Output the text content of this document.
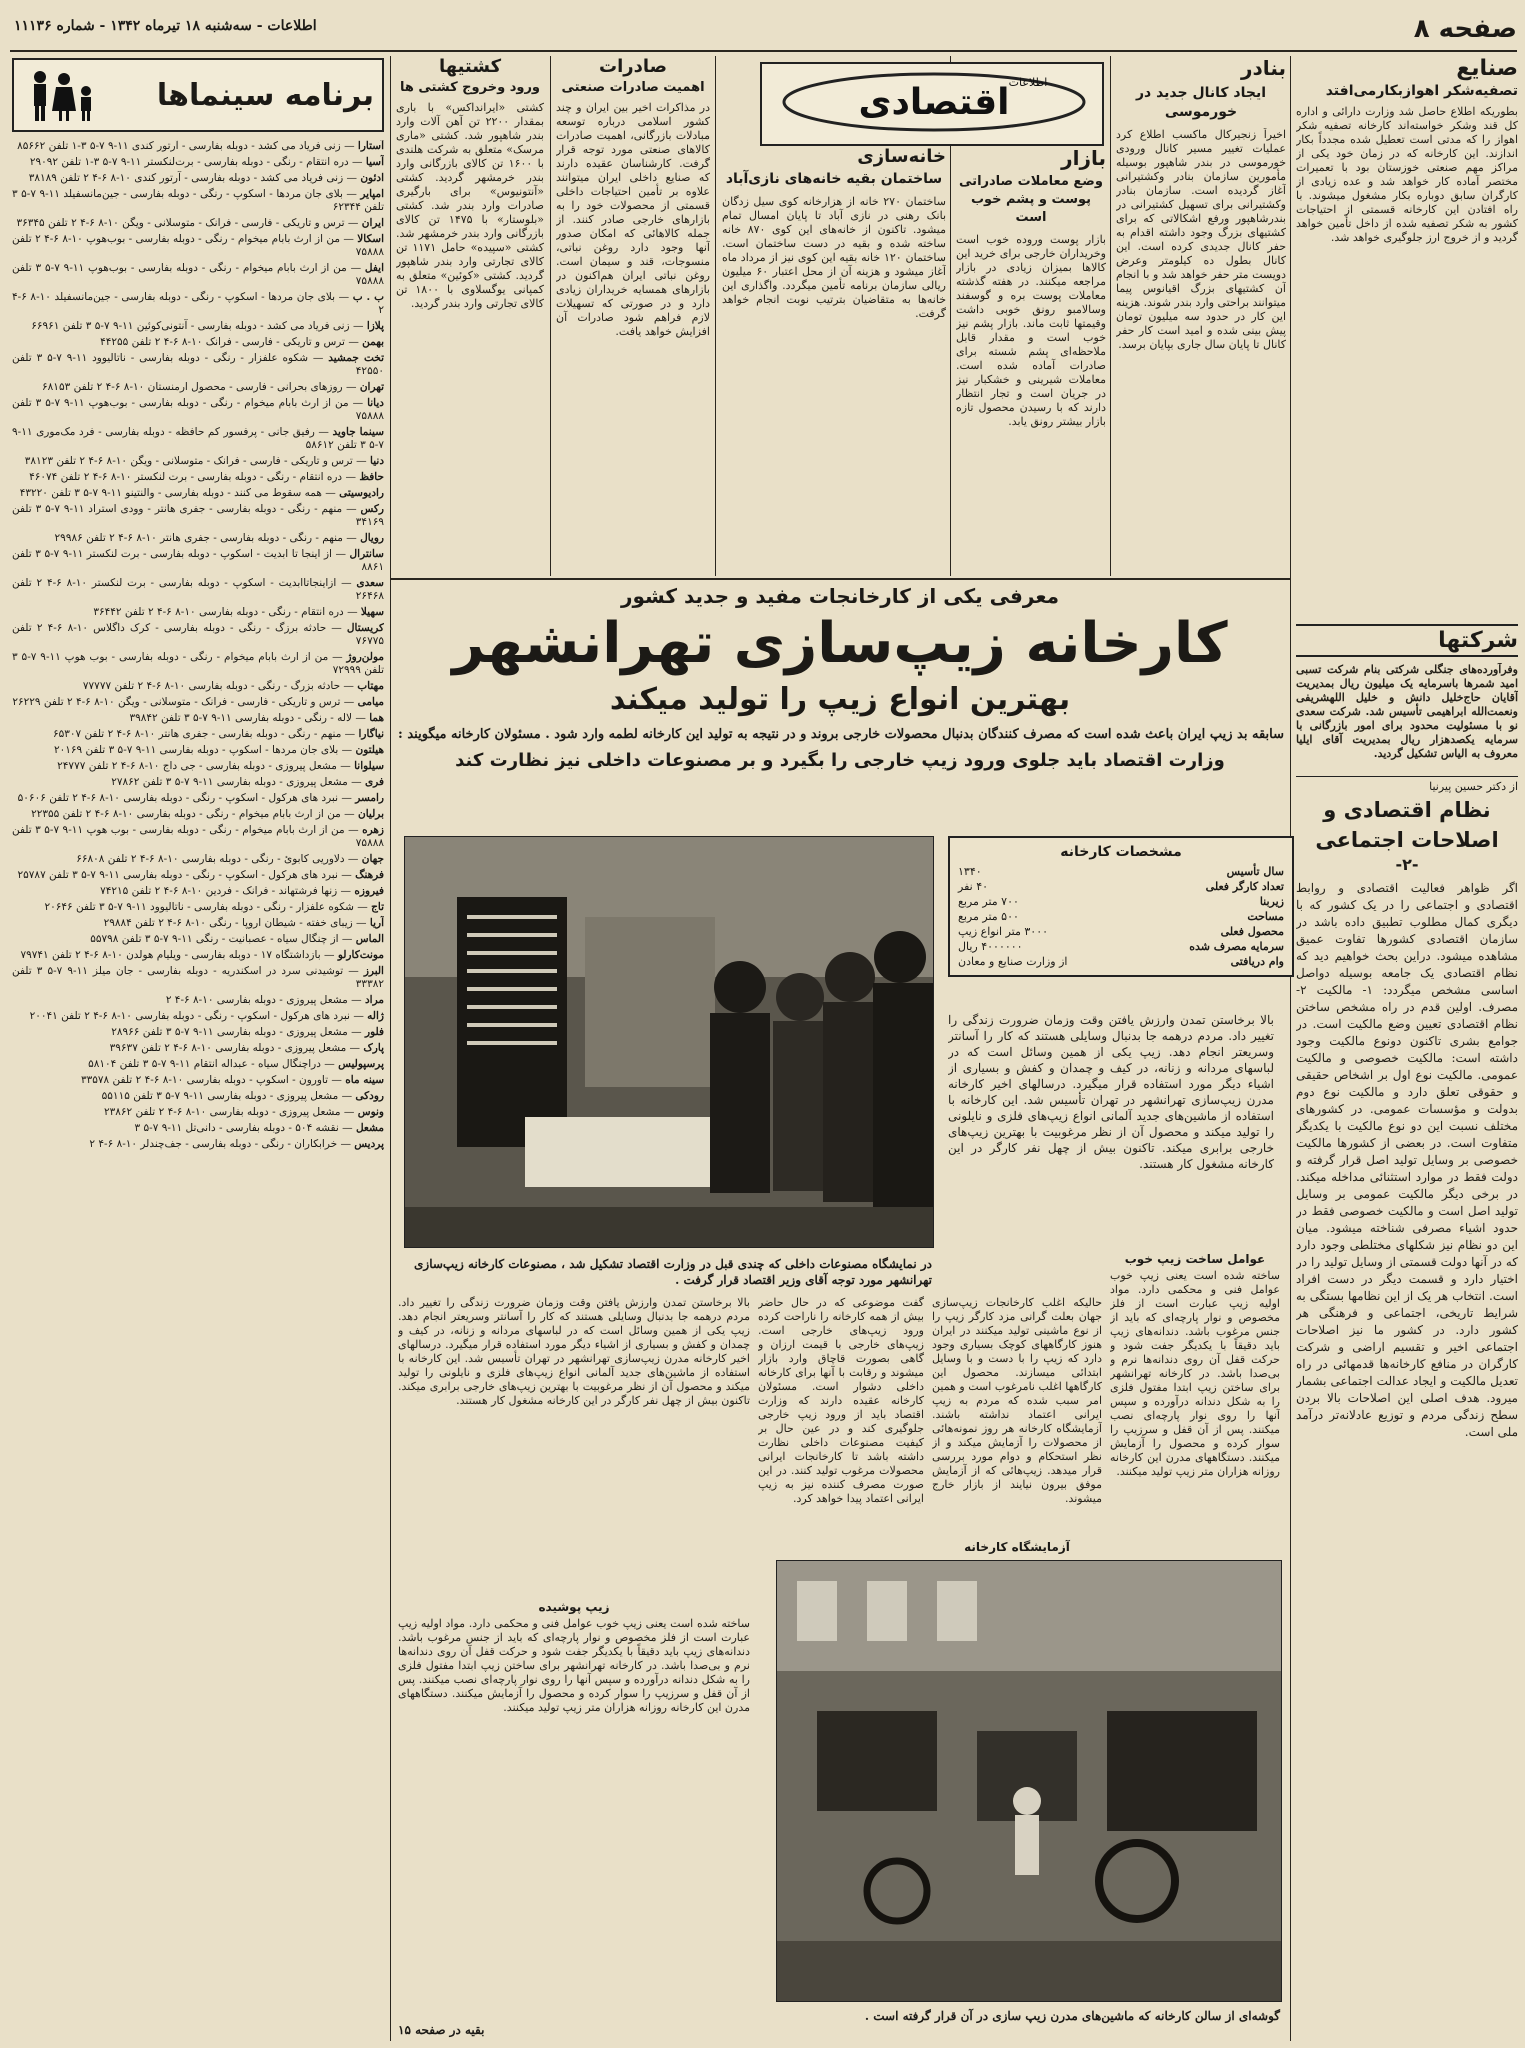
صفحه ۸
اطلاعات - سه‌شنبه ۱۸ تیرماه ۱۳۴۲ - شماره ۱۱۱۳۶
صنایع
تصفیه‌شکر اهوازبکارمی‌افتد
بطوریکه اطلاع حاصل شد وزارت دارائی و اداره کل قند وشکر خواسته‌اند کارخانه تصفیه شکر اهواز را که مدتی است تعطیل شده مجدداً بکار اندازند. این کارخانه که در زمان خود یکی از مراکز مهم صنعتی خوزستان بود با تعمیرات مختصر آماده کار خواهد شد و عده زیادی از کارگران سابق دوباره بکار مشغول میشوند. با راه افتادن این کارخانه قسمتی از احتیاجات کشور به شکر تصفیه شده از داخل تأمین خواهد گردید و از خروج ارز جلوگیری خواهد شد.
شرکتها
وفرآورده‌های جنگلی شرکتی بنام شرکت تسبی امید شمرها باسرمایه یک میلیون ریال بمدیریت آقایان حاج‌خلیل دانش و خلیل اللهشریفی ونعمت‌الله ابراهیمی تأسیس شد. شرکت سعدی نو با مسئولیت محدود برای امور بازرگانی با سرمایه یکصدهزار ریال بمدیریت آقای ایلیا معروف به الیاس تشکیل گردید.
از دکتر حسین پیرنیا
نظام اقتصادی و اصلاحات اجتماعی
-۲-
اگر ظواهر فعالیت اقتصادی و روابط اقتصادی و اجتماعی را در یک کشور که با دیگری کمال مطلوب تطبیق داده باشد در سازمان اقتصادی کشورها تفاوت عمیق مشاهده میشود. دراین بحث خواهیم دید که نظام اقتصادی یک جامعه بوسیله دواصل اساسی مشخص میگردد: ۱- مالکیت ۲- مصرف. اولین قدم در راه مشخص ساختن نظام اقتصادی تعیین وضع مالکیت است. در جوامع بشری تاکنون دونوع مالکیت وجود داشته است: مالکیت خصوصی و مالکیت عمومی. مالکیت نوع اول بر اشخاص حقیقی و حقوقی تعلق دارد و مالکیت نوع دوم بدولت و مؤسسات عمومی. در کشورهای مختلف نسبت این دو نوع مالکیت با یکدیگر متفاوت است. در بعضی از کشورها مالکیت خصوصی بر وسایل تولید اصل قرار گرفته و دولت فقط در موارد استثنائی مداخله میکند. در برخی دیگر مالکیت عمومی بر وسایل تولید اصل است و مالکیت خصوصی فقط در حدود اشیاء مصرفی شناخته میشود. میان این دو نظام نیز شکلهای مختلطی وجود دارد که در آنها دولت قسمتی از وسایل تولید را در اختیار دارد و قسمت دیگر در دست افراد است. انتخاب هر یک از این نظامها بستگی به شرایط تاریخی، اجتماعی و فرهنگی هر کشور دارد. در کشور ما نیز اصلاحات اجتماعی اخیر و تقسیم اراضی و شرکت کارگران در منافع کارخانه‌ها قدمهائی در راه تعدیل مالکیت و ایجاد عدالت اجتماعی بشمار میرود. هدف اصلی این اصلاحات بالا بردن سطح زندگی مردم و توزیع عادلانه‌تر درآمد ملی است.
بنادر
ایجاد کانال جدید در خورموسی
اخیراً زنجیرکال ماکسب اطلاع کرد عملیات تغییر مسیر کانال ورودی خورموسی در بندر شاهپور بوسیله مأمورین سازمان بنادر وکشتیرانی آغاز گردیده است. سازمان بنادر وکشتیرانی برای تسهیل کشتیرانی در بندرشاهپور ورفع اشکالاتی که برای کشتیهای بزرگ وجود داشته اقدام به حفر کانال جدیدی کرده است. این کانال بطول ده کیلومتر وعرض دویست متر حفر خواهد شد و با انجام آن کشتیهای بزرگ اقیانوس پیما میتوانند براحتی وارد بندر شوند. هزینه این کار در حدود سه میلیون تومان پیش بینی شده و امید است کار حفر کانال تا پایان سال جاری بپایان برسد.
اقتصادی اطلاعات
بازار
وضع معاملات صادراتی پوست و پشم خوب است
بازار پوست وروده خوب است وخریداران خارجی برای خرید این کالاها بمیزان زیادی در بازار مراجعه میکنند. در هفته گذشته معاملات پوست بره و گوسفند وسالامبو رونق خوبی داشت وقیمتها ثابت ماند. بازار پشم نیز خوب است و مقدار قابل ملاحظه‌ای پشم شسته برای صادرات آماده شده است. معاملات شیرینی و خشکبار نیز در جریان است و تجار انتظار دارند که با رسیدن محصول تازه بازار بیشتر رونق یابد.
خانه‌سازی
ساختمان بقیه خانه‌های نازی‌آباد
ساختمان ۲۷۰ خانه از هزارخانه کوی سیل زدگان بانک رهنی در نازی آباد تا پایان امسال تمام میشود. تاکنون از خانه‌های این کوی ۸۷۰ خانه ساخته شده و بقیه در دست ساختمان است. ساختمان ۱۲۰ خانه بقیه این کوی نیز از مرداد ماه آغاز میشود و هزینه آن از محل اعتبار ۶۰ میلیون ریالی سازمان برنامه تأمین میگردد. واگذاری این خانه‌ها به متقاضیان بترتیب نوبت انجام خواهد گرفت.
صادرات
اهمیت صادرات صنعتی
در مذاکرات اخیر بین ایران و چند کشور اسلامی درباره توسعه مبادلات بازرگانی، اهمیت صادرات کالاهای صنعتی مورد توجه قرار گرفت. کارشناسان عقیده دارند که صنایع داخلی ایران میتوانند علاوه بر تأمین احتیاجات داخلی قسمتی از محصولات خود را به بازارهای خارجی صادر کنند. از جمله کالاهائی که امکان صدور آنها وجود دارد روغن نباتی، منسوجات، قند و سیمان است. روغن نباتی ایران هم‌اکنون در بازارهای همسایه خریداران زیادی دارد و در صورتی که تسهیلات لازم فراهم شود صادرات آن افزایش خواهد یافت.
کشتیها
ورود وخروج کشتی ها
کشتی «ایرانداکس» با باری بمقدار ۲۲۰۰ تن آهن آلات وارد بندر شاهپور شد. کشتی «ماری مرسک» متعلق به شرکت هلندی با ۱۶۰۰ تن کالای بازرگانی وارد بندر خرمشهر گردید. کشتی «آنتونیوس» برای بارگیری صادرات وارد بندر شد. کشتی «بلوستار» با ۱۴۷۵ تن کالای بازرگانی وارد بندر خرمشهر شد. کشتی «سپیده» حامل ۱۱۷۱ تن کالای تجارتی وارد بندر شاهپور گردید. کشتی «کوئین» متعلق به کمپانی یوگسلاوی با ۱۸۰۰ تن کالای تجارتی وارد بندر گردید.
برنامه سینماها
آستارا — زنی فریاد می کشد - دوبله بفارسی - آرتور کندی ۱۱-۹ ۷-۵ ۳-۱ تلفن ۸۵۶۶۲
آسیا — دره انتقام - رنگی - دوبله بفارسی - برت‌لنکستر ۱۱-۹ ۷-۵ ۳-۱ تلفن ۲۹۰۹۲
ادئون — زنی فریاد می کشد - دوبله بفارسی - آرتور کندی ۱۰-۸ ۶-۴ ۲ تلفن ۳۸۱۸۹
امپایر — بلای جان مردها - اسکوپ - رنگی - دوبله بفارسی - جین‌مانسفیلد ۱۱-۹ ۷-۵ ۳ تلفن ۶۲۳۴۴
ایران — ترس و تاریکی - فارسی - فرانک - متوسلانی - ویگن ۱۰-۸ ۶-۴ ۲ تلفن ۳۶۳۴۵
اسکالا — من از ارث بابام میخوام - رنگی - دوبله بفارسی - بوب‌هوپ ۱۰-۸ ۶-۴ ۲ تلفن ۷۵۸۸۸
ایفل — من از ارث بابام میخوام - رنگی - دوبله بفارسی - بوب‌هوپ ۱۱-۹ ۷-۵ ۳ تلفن ۷۵۸۸۸
ب . ب — بلای جان مردها - اسکوپ - رنگی - دوبله بفارسی - جین‌مانسفیلد ۱۰-۸ ۶-۴ ۲
پلازا — زنی فریاد می کشد - دوبله بفارسی - آنتونی‌کوئین ۱۱-۹ ۷-۵ ۳ تلفن ۶۶۹۶۱
بهمن — ترس و تاریکی - فارسی - فرانک ۱۰-۸ ۶-۴ ۲ تلفن ۴۴۲۵۵
تخت جمشید — شکوه علفزار - رنگی - دوبله بفارسی - ناتالیوود ۱۱-۹ ۷-۵ ۳ تلفن ۴۲۵۵۰
تهران — روزهای بحرانی - فارسی - محصول ارمنستان ۱۰-۸ ۶-۴ ۲ تلفن ۶۸۱۵۳
دیانا — من از ارث بابام میخوام - رنگی - دوبله بفارسی - بوب‌هوپ ۱۱-۹ ۷-۵ ۳ تلفن ۷۵۸۸۸
سینما جاوید — رفیق جانی - پرفسور کم حافظه - دوبله بفارسی - فرد مک‌موری ۱۱-۹ ۷-۵ ۳ تلفن ۵۸۶۱۲
دنیا — ترس و تاریکی - فارسی - فرانک - متوسلانی - ویگن ۱۰-۸ ۶-۴ ۲ تلفن ۳۸۱۲۳
حافظ — دره انتقام - رنگی - دوبله بفارسی - برت لنکستر ۱۰-۸ ۶-۴ ۲ تلفن ۴۶۰۷۴
رادیوسیتی — همه سقوط می کنند - دوبله بفارسی - والنتینو ۱۱-۹ ۷-۵ ۳ تلفن ۴۳۲۲۰
رکس — منهم - رنگی - دوبله بفارسی - جفری هانتر - وودی استراد ۱۱-۹ ۷-۵ ۳ تلفن ۳۴۱۶۹
رویال — منهم - رنگی - دوبله بفارسی - جفری هانتر ۱۰-۸ ۶-۴ ۲ تلفن ۲۹۹۸۶
سانترال — از اینجا تا ابدیت - اسکوپ - دوبله بفارسی - برت لنکستر ۱۱-۹ ۷-۵ ۳ تلفن ۸۸۶۱
سعدی — ازاینجاتاابدیت - اسکوپ - دوبله بفارسی - برت لنکستر ۱۰-۸ ۶-۴ ۲ تلفن ۲۶۴۶۸
سهیلا — دره انتقام - رنگی - دوبله بفارسی ۱۰-۸ ۶-۴ ۲ تلفن ۳۶۴۴۲
کریستال — حادثه برزگ - رنگی - دوبله بفارسی - کرک داگلاس ۱۰-۸ ۶-۴ ۲ تلفن ۷۶۷۷۵
مولن‌روژ — من از ارث بابام میخوام - رنگی - دوبله بفارسی - بوب هوپ ۱۱-۹ ۷-۵ ۳ تلفن ۷۲۹۹۹
مهتاب — حادثه بزرگ - رنگی - دوبله بفارسی ۱۰-۸ ۶-۴ ۲ تلفن ۷۷۷۷۷
میامی — ترس و تاریکی - فارسی - فرانک - متوسلانی - ویگن ۱۰-۸ ۶-۴ ۲ تلفن ۲۶۲۲۹
هما — لاله - رنگی - دوبله بفارسی ۱۱-۹ ۷-۵ ۳ تلفن ۳۹۸۴۲
نیاگارا — منهم - رنگی - دوبله بفارسی - جفری هانتر ۱۰-۸ ۶-۴ ۲ تلفن ۶۵۳۰۷
هیلتون — بلای جان مردها - اسکوپ - دوبله بفارسی ۱۱-۹ ۷-۵ ۳ تلفن ۲۰۱۶۹
سیلوانا — مشعل پیروزی - دوبله بفارسی - جی داج ۱۰-۸ ۶-۴ ۲ تلفن ۲۴۷۷۷
فری — مشعل پیروزی - دوبله بفارسی ۱۱-۹ ۷-۵ ۳ تلفن ۲۷۸۶۲
رامسر — نبرد های هرکول - اسکوپ - رنگی - دوبله بفارسی ۱۰-۸ ۶-۴ ۲ تلفن ۵۰۶۰۶
برلیان — من از ارث بابام میخوام - رنگی - دوبله بفارسی ۱۰-۸ ۶-۴ ۲ تلفن ۲۲۳۵۵
زهره — من از ارث بابام میخوام - رنگی - دوبله بفارسی - بوب هوپ ۱۱-۹ ۷-۵ ۳ تلفن ۷۵۸۸۸
جهان — دلاوریی کابوئ - رنگی - دوبله بفارسی ۱۰-۸ ۶-۴ ۲ تلفن ۶۶۸۰۸
فرهنگ — نبرد های هرکول - اسکوپ - رنگی - دوبله بفارسی ۱۱-۹ ۷-۵ ۳ تلفن ۲۵۷۸۷
فیروزه — زنها فرشتهاند - فرانک - فردین ۱۰-۸ ۶-۴ ۲ تلفن ۷۴۲۱۵
تاج — شکوه علفزار - رنگی - دوبله بفارسی - ناتالیوود ۱۱-۹ ۷-۵ ۳ تلفن ۲۰۶۴۶
آریا — زیبای خفته - شیطان اروپا - رنگی ۱۰-۸ ۶-۴ ۲ تلفن ۲۹۸۸۴
الماس — از چنگال سیاه - عصبانیت - رنگی ۱۱-۹ ۷-۵ ۳ تلفن ۵۵۷۹۸
مونت‌کارلو — بازداشتگاه ۱۷ - دوبله بفارسی - ویلیام هولدن ۱۰-۸ ۶-۴ ۲ تلفن ۷۹۷۴۱
البرز — توشیدنی سرد در اسکندریه - دوبله بفارسی - جان میلز ۱۱-۹ ۷-۵ ۳ تلفن ۳۳۳۸۲
مراد — مشعل پیروزی - دوبله بفارسی ۱۰-۸ ۶-۴ ۲
ژاله — نبرد های هرکول - اسکوپ - رنگی - دوبله بفارسی ۱۰-۸ ۶-۴ ۲ تلفن ۲۰۰۴۱
فلور — مشعل پیروزی - دوبله بفارسی ۱۱-۹ ۷-۵ ۳ تلفن ۲۸۹۶۶
پارک — مشعل پیروزی - دوبله بفارسی ۱۰-۸ ۶-۴ ۲ تلفن ۳۹۶۳۷
پرسپولیس — دراچنگال سیاه - عبداله انتقام ۱۱-۹ ۷-۵ ۳ تلفن ۵۸۱۰۴
سینه ماه — تاورون - اسکوپ - دوبله بفارسی ۱۰-۸ ۶-۴ ۲ تلفن ۳۳۵۷۸
رودکی — مشعل پیروزی - دوبله بفارسی ۱۱-۹ ۷-۵ ۳ تلفن ۵۵۱۱۵
ونوس — مشعل پیروزی - دوبله بفارسی ۱۰-۸ ۶-۴ ۲ تلفن ۲۳۸۶۲
مشعل — نقشه ۵۰۴ - دوبله بفارسی - دانی‌تل ۱۱-۹ ۷-۵ ۳
پردیس — خرابکاران - رنگی - دوبله بفارسی - جف‌چندلر ۱۰-۸ ۶-۴ ۲
معرفی یکی از کارخانجات مفید و جدید کشور
کارخانه زیپ‌سازی تهرانشهر
بهترین انواع زیپ را تولید میکند
سابقه بد زیپ ایران باعث شده است که مصرف کنندگان بدنبال محصولات خارجی بروند و در نتیجه به تولید این کارخانه لطمه وارد شود . مسئولان کارخانه میگویند :
وزارت اقتصاد باید جلوی ورود زیپ خارجی را بگیرد و بر مصنوعات داخلی نیز نظارت کند
مشخصات کارخانه
سال تأسیس
۱۳۴۰
تعداد کارگر فعلی
۴۰ نفر
زیربنا
۷۰۰ متر مربع
مساحت
۵۰۰ متر مربع
محصول فعلی
۳۰۰۰ متر انواع زیپ
سرمایه مصرف شده
۴۰۰۰۰۰۰ ریال
وام دریافتی
از وزارت صنایع و معادن
بالا برخاستن تمدن وارزش یافتن وقت وزمان ضرورت زندگی را تغییر داد. مردم درهمه جا بدنبال وسایلی هستند که کار را آسانتر وسریعتر انجام دهد. زیپ یکی از همین وسائل است که در لباسهای مردانه و زنانه، در کیف و چمدان و کفش و بسیاری از اشیاء دیگر مورد استفاده قرار میگیرد. درسالهای اخیر کارخانه مدرن زیپ‌سازی تهرانشهر در تهران تأسیس شد. این کارخانه با استفاده از ماشین‌های جدید آلمانی انواع زیپ‌های فلزی و نایلونی را تولید میکند و محصول آن از نظر مرغوبیت با بهترین زیپ‌های خارجی برابری میکند. تاکنون بیش از چهل نفر کارگر در این کارخانه مشغول کار هستند.
در نمایشگاه مصنوعات داخلی که چندی قبل در وزارت اقتصاد تشکیل شد ، مصنوعات کارخانه زیپ‌سازی تهرانشهر مورد توجه آقای وزیر اقتصاد قرار گرفت .
عوامل ساخت زیپ خوب
ساخته شده است یعنی زیپ خوب عوامل فنی و محکمی دارد. مواد اولیه زیپ عبارت است از فلز مخصوص و نوار پارچه‌ای که باید از جنس مرغوب باشد. دندانه‌های زیپ باید دقیقاً با یکدیگر جفت شود و حرکت قفل آن روی دندانه‌ها نرم و بی‌صدا باشد. در کارخانه تهرانشهر برای ساختن زیپ ابتدا مفتول فلزی را به شکل دندانه درآورده و سپس آنها را روی نوار پارچه‌ای نصب میکنند. پس از آن قفل و سرزیپ را سوار کرده و محصول را آزمایش میکنند. دستگاههای مدرن این کارخانه روزانه هزاران متر زیپ تولید میکنند.
حالیکه اغلب کارخانجات زیپ‌سازی جهان بعلت گرانی مزد کارگر زیپ را از نوع ماشینی تولید میکنند در ایران هنوز کارگاههای کوچک بسیاری وجود دارد که زیپ را با دست و با وسایل ابتدائی میسازند. محصول این کارگاهها اغلب نامرغوب است و همین امر سبب شده که مردم به زیپ ایرانی اعتماد نداشته باشند. آزمایشگاه کارخانه هر روز نمونه‌هائی از محصولات را آزمایش میکند و از نظر استحکام و دوام مورد بررسی قرار میدهد. زیپ‌هائی که از آزمایش موفق بیرون نیایند از بازار خارج میشوند.
آزمایشگاه کارخانه
گفت موضوعی که در حال حاضر بیش از همه کارخانه را ناراحت کرده ورود زیپ‌های خارجی است. زیپ‌های خارجی با قیمت ارزان و گاهی بصورت قاچاق وارد بازار میشوند و رقابت با آنها برای کارخانه داخلی دشوار است. مسئولان کارخانه عقیده دارند که وزارت اقتصاد باید از ورود زیپ خارجی جلوگیری کند و در عین حال بر کیفیت مصنوعات داخلی نظارت داشته باشد تا کارخانجات ایرانی محصولات مرغوب تولید کنند. در این صورت مصرف کننده نیز به زیپ ایرانی اعتماد پیدا خواهد کرد.
بالا برخاستن تمدن وارزش یافتن وقت وزمان ضرورت زندگی را تغییر داد. مردم درهمه جا بدنبال وسایلی هستند که کار را آسانتر وسریعتر انجام دهد. زیپ یکی از همین وسائل است که در لباسهای مردانه و زنانه، در کیف و چمدان و کفش و بسیاری از اشیاء دیگر مورد استفاده قرار میگیرد. درسالهای اخیر کارخانه مدرن زیپ‌سازی تهرانشهر در تهران تأسیس شد. این کارخانه با استفاده از ماشین‌های جدید آلمانی انواع زیپ‌های فلزی و نایلونی را تولید میکند و محصول آن از نظر مرغوبیت با بهترین زیپ‌های خارجی برابری میکند. تاکنون بیش از چهل نفر کارگر در این کارخانه مشغول کار هستند.
زیپ پوشیده
ساخته شده است یعنی زیپ خوب عوامل فنی و محکمی دارد. مواد اولیه زیپ عبارت است از فلز مخصوص و نوار پارچه‌ای که باید از جنس مرغوب باشد. دندانه‌های زیپ باید دقیقاً با یکدیگر جفت شود و حرکت قفل آن روی دندانه‌ها نرم و بی‌صدا باشد. در کارخانه تهرانشهر برای ساختن زیپ ابتدا مفتول فلزی را به شکل دندانه درآورده و سپس آنها را روی نوار پارچه‌ای نصب میکنند. پس از آن قفل و سرزیپ را سوار کرده و محصول را آزمایش میکنند. دستگاههای مدرن این کارخانه روزانه هزاران متر زیپ تولید میکنند.
بقیه در صفحه ۱۵
گوشه‌ای از سالن کارخانه که ماشین‌های مدرن زیپ سازی در آن قرار گرفته است .
